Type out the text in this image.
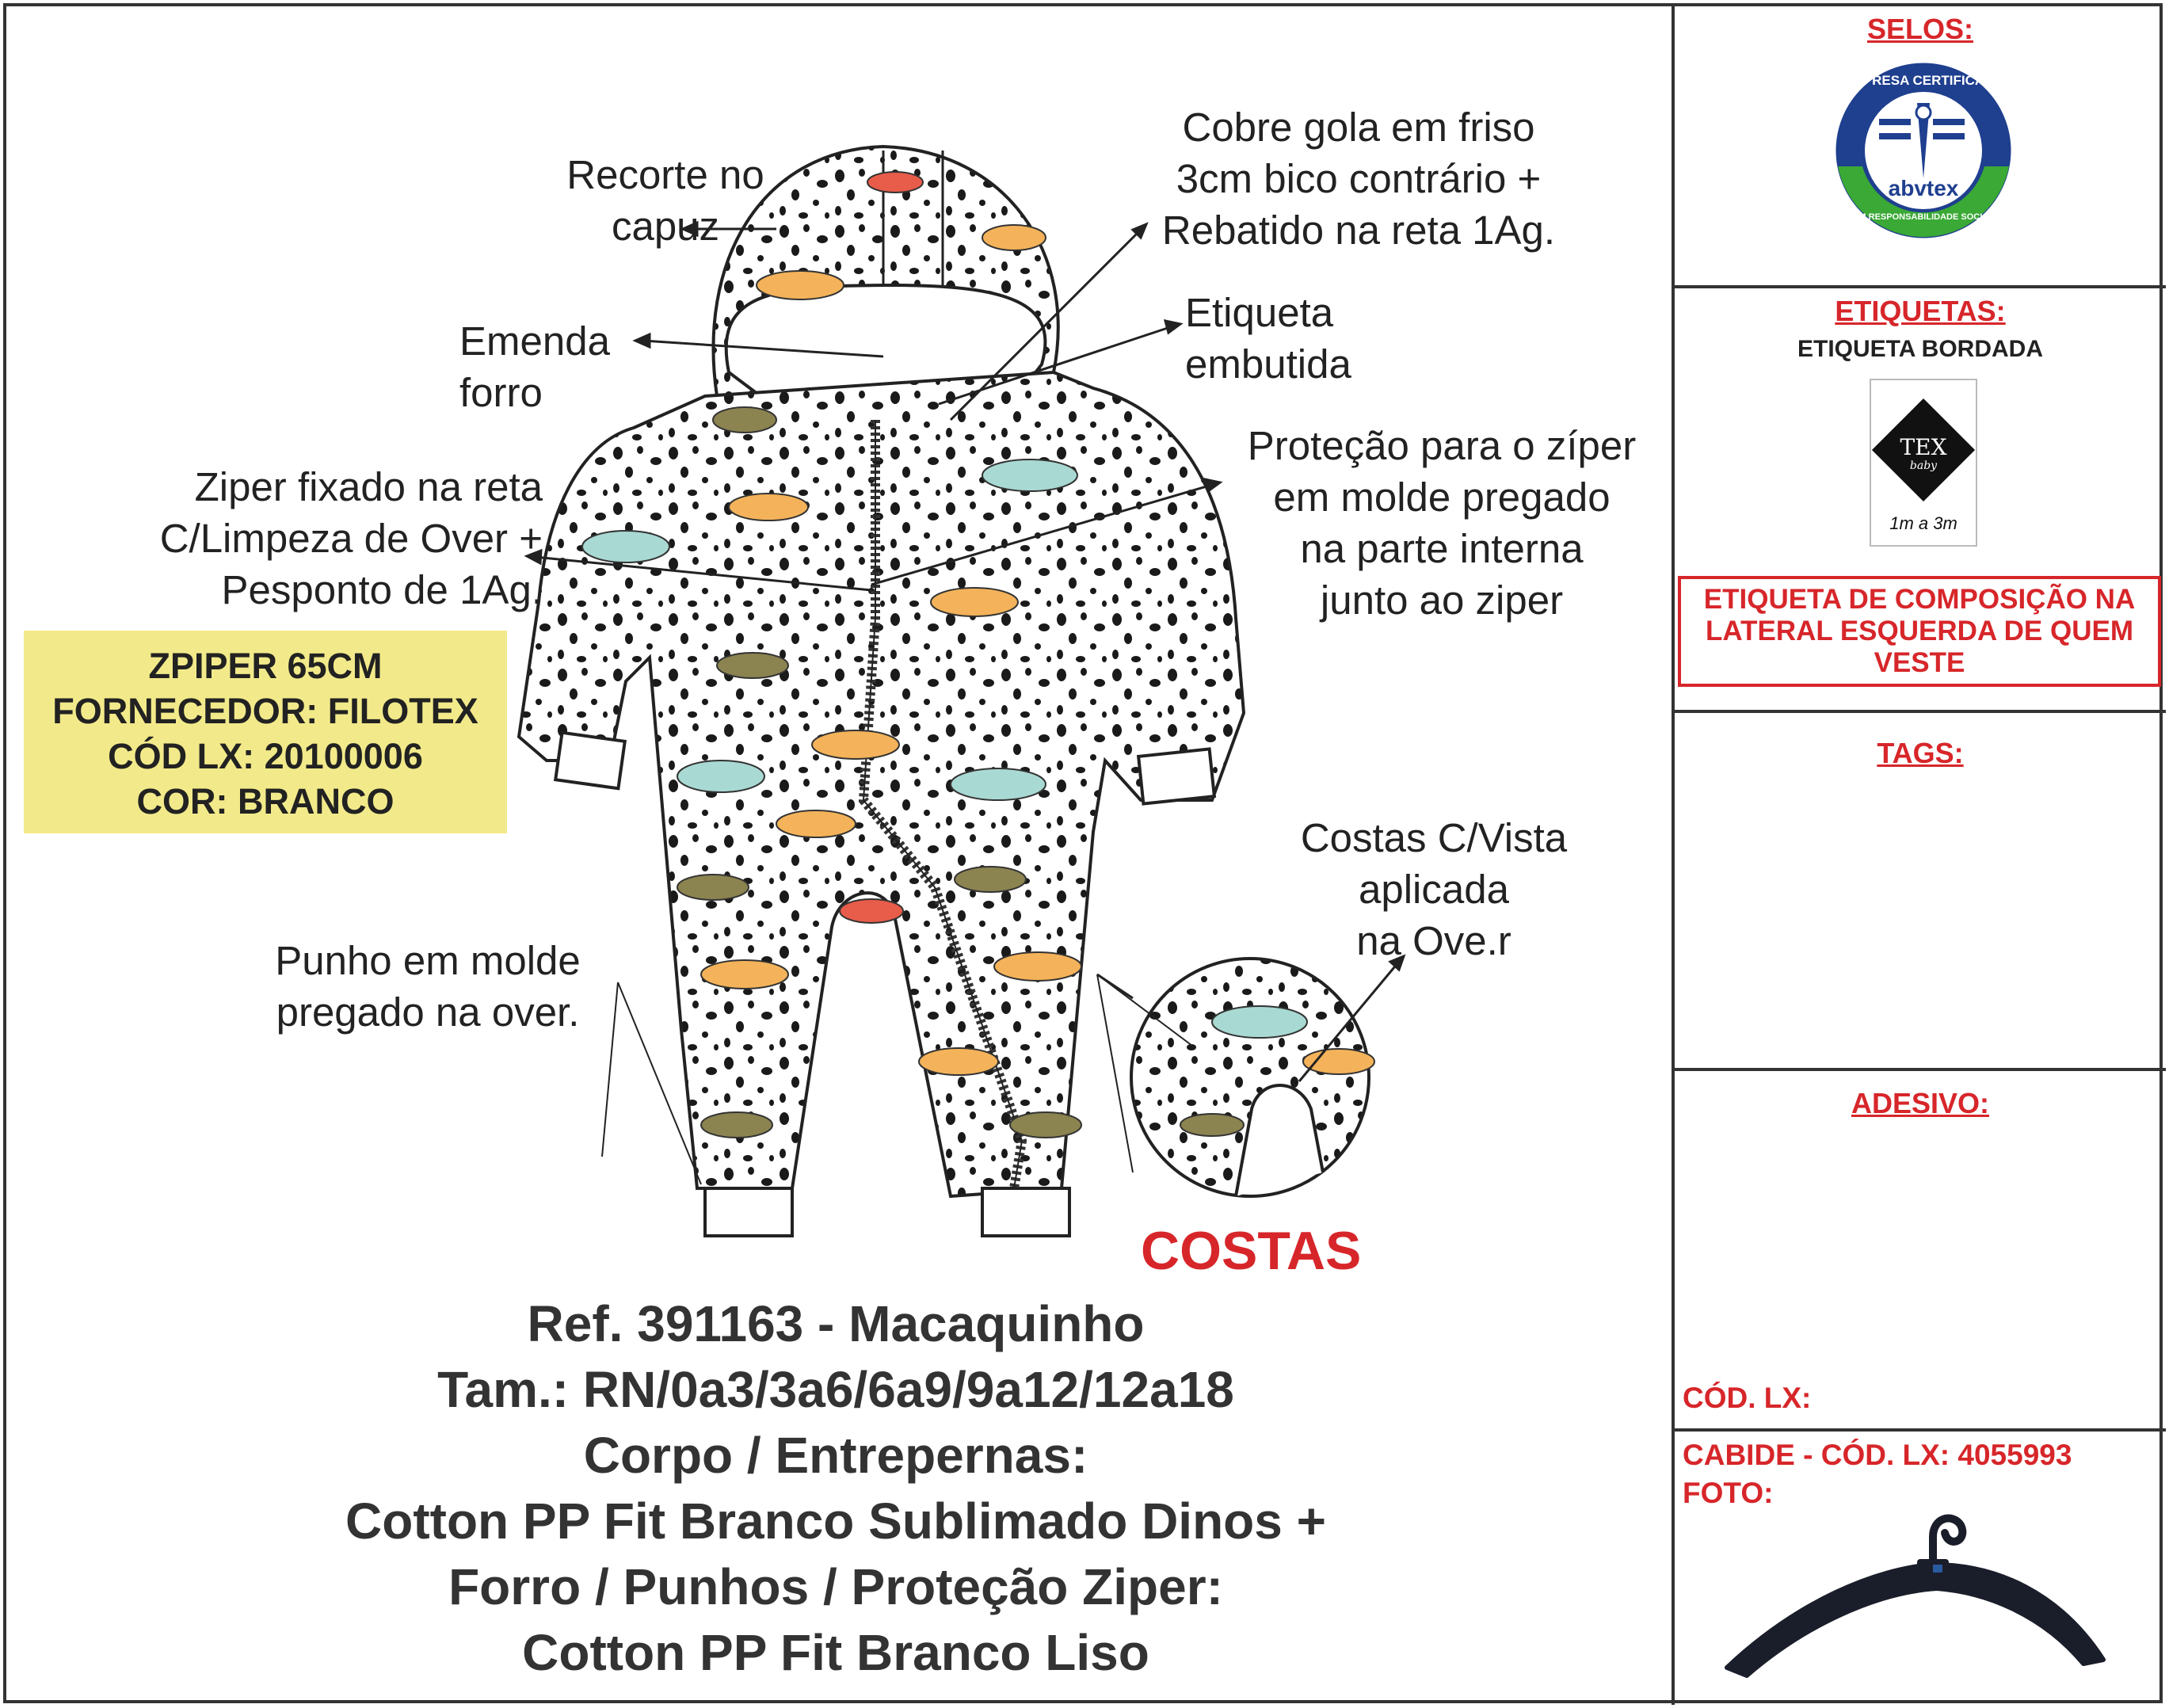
Recorte no
capuz
Cobre gola em friso
3cm bico contrário +
Rebatido na reta 1Ag.
Emenda
forro
Etiqueta
embutida
Ziper fixado na reta
C/Limpeza de Over +
Pesponto de 1Ag.
Proteção para o zíper
em molde pregado
na parte interna
junto ao ziper
Costas C/Vista
aplicada
na Ove.r
Punho em molde
pregado na over.
ZPIPER 65CM
FORNECEDOR: FILOTEX
CÓD LX: 20100006
COR: BRANCO
COSTAS
Ref. 391163 - Macaquinho
Tam.: RN/0a3/3a6/6a9/9a12/12a18
Corpo / Entrepernas:
Cotton PP Fit Branco Sublimado Dinos +
Forro / Punhos / Proteção Ziper:
Cotton PP Fit Branco Liso
SELOS:
EMPRESA CERTIFICADA
abvtex
EM RESPONSABILIDADE SOCIAL
ETIQUETAS:
ETIQUETA BORDADA
TEX
baby
1m a 3m
ETIQUETA DE COMPOSIÇÃO NA
LATERAL ESQUERDA DE QUEM
VESTE
TAGS:
ADESIVO:
CÓD. LX:
CABIDE - CÓD. LX: 4055993
FOTO:
